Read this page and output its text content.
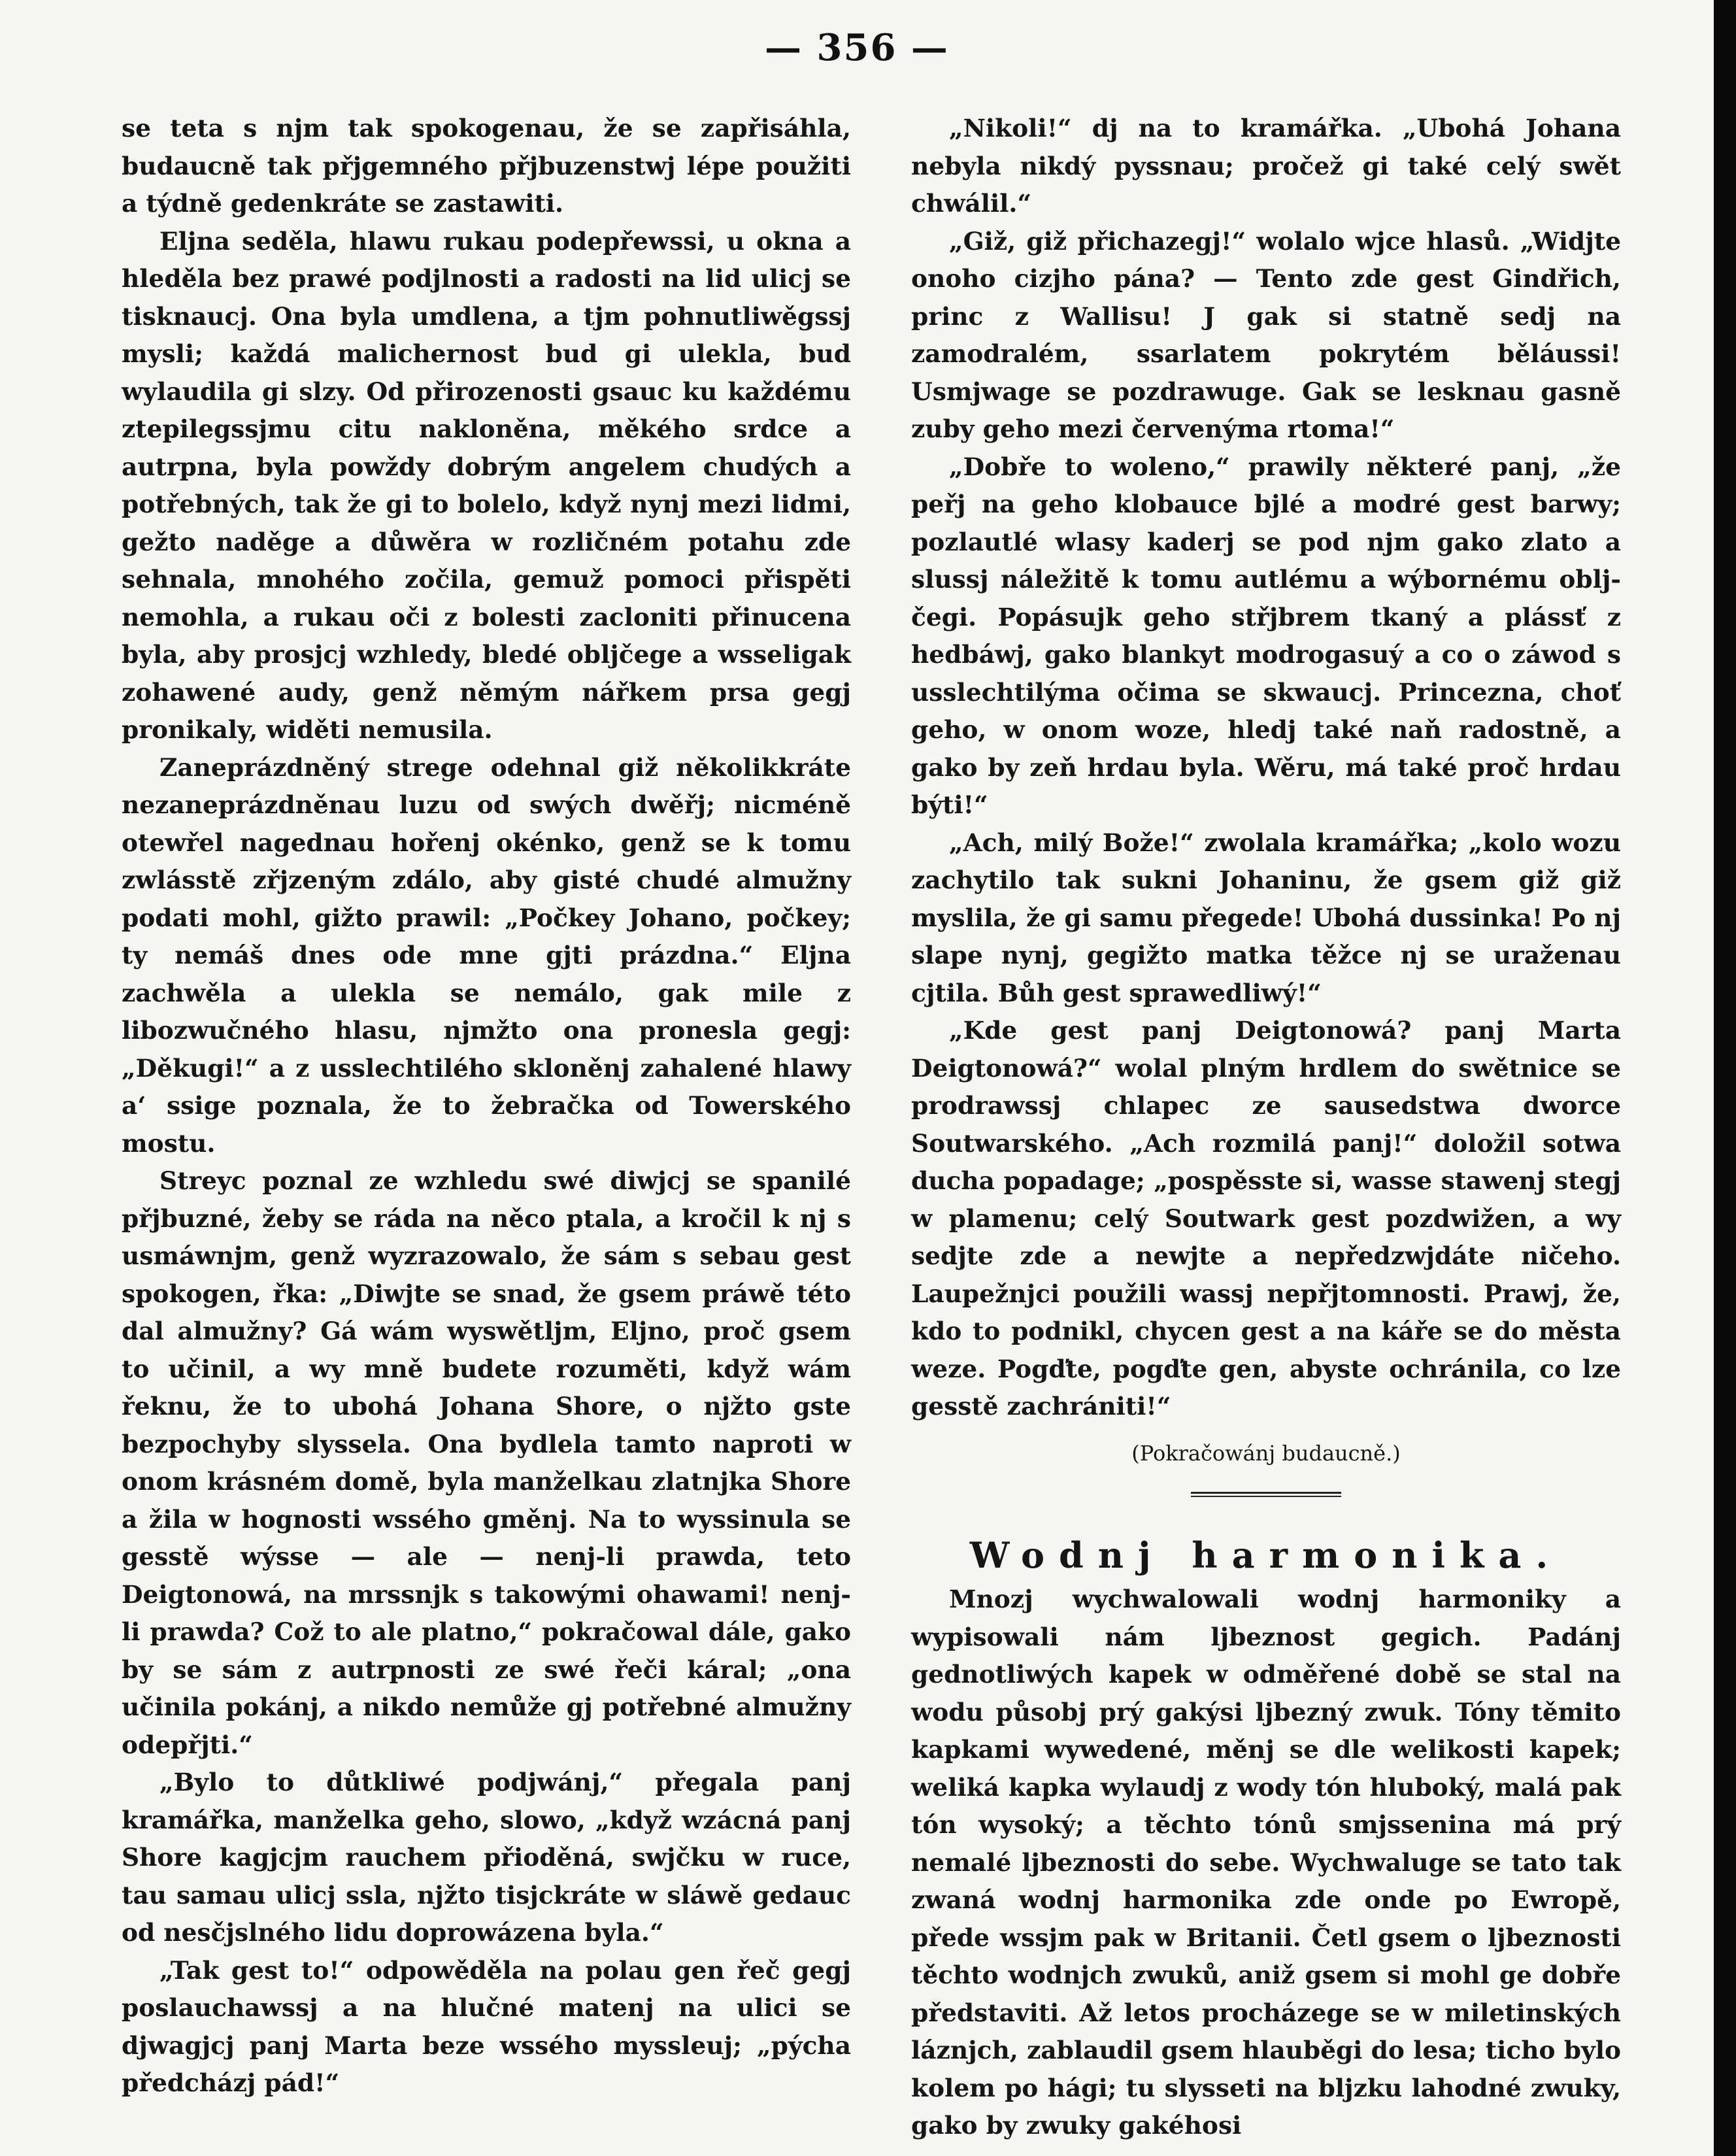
— 356 —

se teta s njm tak spokogenau, že se zapřisáhla, budaucně tak přjgemného přjbuzenstwj lépe použiti a týdně gedenkráte se zastawiti.

Eljna seděla, hlawu rukau podepřewssi, u okna a hleděla bez prawé podjlnosti a radosti na lid ulicj se tisknaucj. Ona byla umdlena, a tjm pohnutliwěgssj mysli; každá malichernost bud gi ulekla, bud wylaudila gi slzy. Od přirozenosti gsauc ku každému ztepilegssjmu citu nakloněna, měkého srdce a autrpna, byla powždy dobrým angelem chudých a potřebných, tak že gi to bolelo, když nynj mezi lidmi, gežto naděge a důwěra w rozličném potahu zde sehnala, mnohého zočila, gemuž pomoci přispěti nemohla, a rukau oči z bolesti zacloniti přinucena byla, aby prosjcj wzhledy, bledé obljčege a wsseligak zohawené audy, genž němým nářkem prsa gegj pronikaly, widěti nemusila.

Zaneprázdněný strege odehnal giž několikkráte nezaneprázdněnau luzu od swých dwěřj; nicméně otewřel nagednau hořenj okénko, genž se k tomu zwlásstě zřjzeným zdálo, aby gisté chudé almužny podati mohl, gižto prawil: „Počkey Johano, počkey; ty nemáš dnes ode mne gjti prázdna.“ Eljna zachwěla a ulekla se nemálo, gak mile z libozwučného hlasu, njmžto ona pronesla gegj: „Děkugi!“ a z usslechtilého skloněnj zahalené hlawy a‘ ssige poznala, že to žebračka od Towerského mostu.

Streyc poznal ze wzhledu swé diwjcj se spanilé přjbuzné, žeby se ráda na něco ptala, a kročil k nj s usmáwnjm, genž wyzrazowalo, že sám s sebau gest spokogen, řka: „Diwjte se snad, že gsem práwě této dal almužny? Gá wám wyswětljm, Eljno, proč gsem to učinil, a wy mně budete rozuměti, když wám řeknu, že to ubohá Johana Shore, o njžto gste bezpochyby slyssela. Ona bydlela tamto naproti w onom krásném domě, byla manželkau zlatnjka Shore a žila w hognosti wssého gměnj. Na to wyssinula se gesstě wýsse — ale — nenj-li prawda, teto Deigtonowá, na mrssnjk s takowými ohawami! nenj-li prawda? Což to ale platno,“ pokračowal dále, gako by se sám z autrpnosti ze swé řeči káral; „ona učinila pokánj, a nikdo nemůže gj potřebné almužny odepřjti.“

„Bylo to důtkliwé podjwánj,“ přegala panj kramářka, manželka geho, slowo, „když wzácná panj Shore kagjcjm rauchem přioděná, swjčku w ruce, tau samau ulicj ssla, njžto tisjckráte w sláwě gedauc od nesčjslného lidu doprowázena byla.“

„Tak gest to!“ odpowěděla na polau gen řeč gegj poslauchawssj a na hlučné matenj na ulici se djwagjcj panj Marta beze wssého myssleuj; „pýcha předcházj pád!“

„Nikoli!“ dj na to kramářka. „Ubohá Johana nebyla nikdý pyssnau; pročež gi také celý swět chwálil.“

„Giž, giž přichazegj!“ wolalo wjce hlasů. „Widjte onoho cizjho pána? — Tento zde gest Gindřich, princ z Wallisu! J gak si statně sedj na zamodralém, ssarlatem pokrytém běláussi! Usmjwage se pozdrawuge. Gak se lesknau gasně zuby geho mezi červenýma rtoma!“

„Dobře to woleno,“ prawily některé panj, „že peřj na geho klobauce bjlé a modré gest barwy; pozlautlé wlasy kaderj se pod njm gako zlato a slussj náležitě k tomu autlému a wýbornému obljčegi. Popásujk geho střjbrem tkaný a plássť z hedbáwj, gako blankyt modrogasuý a co o záwod s usslechtilýma očima se skwaucj. Princezna, choť geho, w onom woze, hledj také naň radostně, a gako by zeň hrdau byla. Wěru, má také proč hrdau býti!“

„Ach, milý Bože!“ zwolala kramářka; „kolo wozu zachytilo tak sukni Johaninu, že gsem giž giž myslila, že gi samu přegede! Ubohá dussinka! Po nj slape nynj, gegižto matka těžce nj se uraženau cjtila. Bůh gest sprawedliwý!“

„Kde gest panj Deigtonowá? panj Marta Deigtonowá?“ wolal plným hrdlem do swětnice se prodrawssj chlapec ze sausedstwa dworce Soutwarského. „Ach rozmilá panj!“ doložil sotwa ducha popadage; „pospěsste si, wasse stawenj stegj w plamenu; celý Soutwark gest pozdwižen, a wy sedjte zde a newjte a nepředzwjdáte ničeho. Laupežnjci použili wassj nepřjtomnosti. Prawj, že, kdo to podnikl, chycen gest a na káře se do města weze. Pogďte, pogďte gen, abyste ochránila, co lze gesstě zachrániti!“

(Pokračowánj budaucně.)
Wodnj harmonika.

Mnozj wychwalowali wodnj harmoniky a wypisowali nám ljbeznost gegich. Padánj gednotliwých kapek w odměřené době se stal na wodu působj prý gakýsi ljbezný zwuk. Tóny těmito kapkami wywedené, měnj se dle welikosti kapek; weliká kapka wylaudj z wody tón hluboký, malá pak tón wysoký; a těchto tónů smjssenina má prý nemalé ljbeznosti do sebe. Wychwaluge se tato tak zwaná wodnj harmonika zde onde po Ewropě, přede wssjm pak w Britanii. Četl gsem o ljbeznosti těchto wodnjch zwuků, aniž gsem si mohl ge dobře představiti. Až letos procházege se w miletinských láznjch, zablaudil gsem hlauběgi do lesa; ticho bylo kolem po hági; tu slysseti na bljzku lahodné zwuky, gako by zwuky gakéhosi
